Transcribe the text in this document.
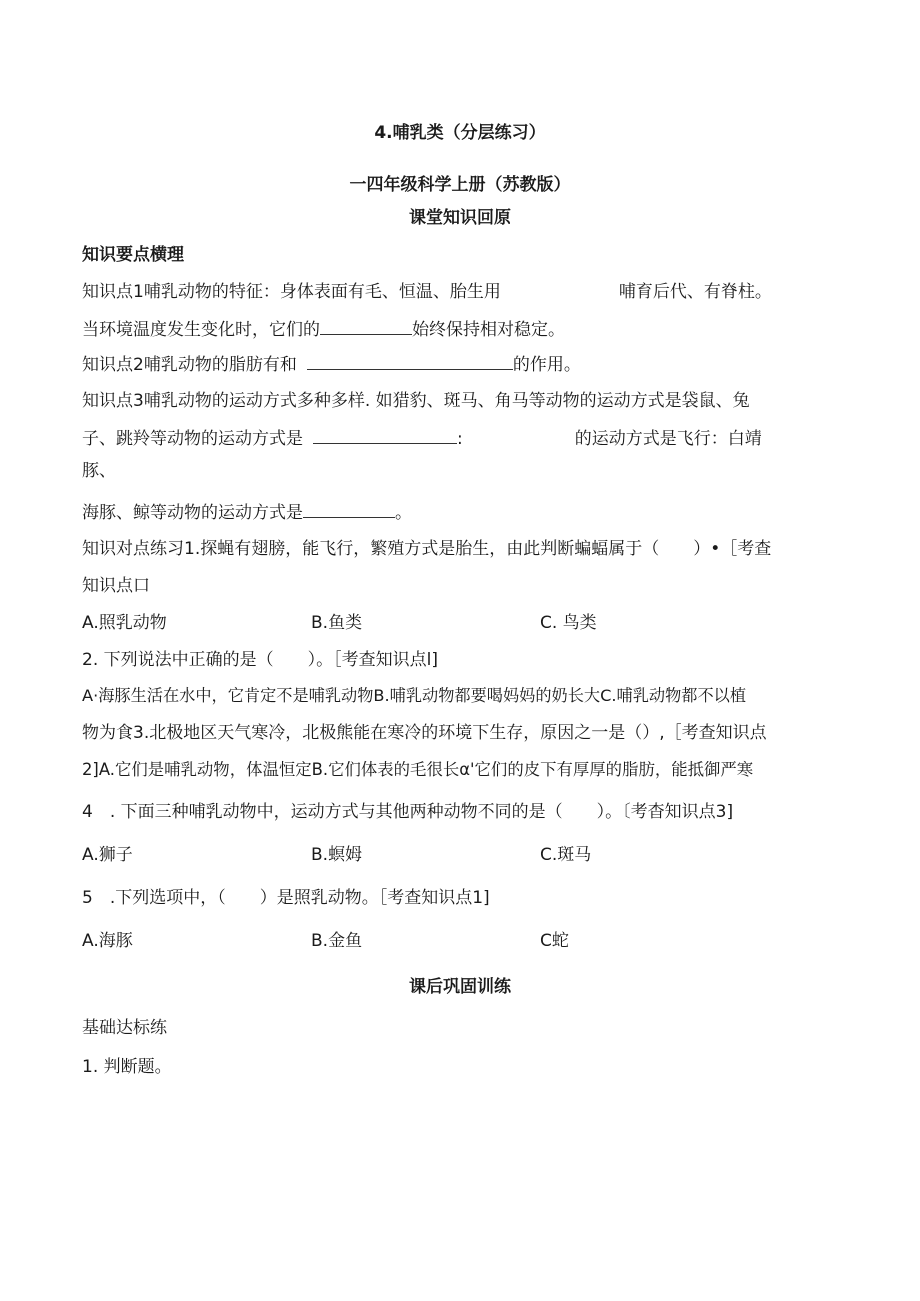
4.哺乳类（分层练习）
一四年级科学上册（苏教版）
课堂知识回原
知识要点横理
知识点1哺乳动物的特征：身体表面有毛、恒温、胎生用	哺育后代、有脊柱。
当环境温度发生变化时，它们的	始终保持相对稳定。
知识点2哺乳动物的脂肪有和	的作用。
知识点3哺乳动物的运动方式多种多样. 如猎豹、斑马、角马等动物的运动方式是袋鼠、兔
子、跳羚等动物的运动方式是	:	的运动方式是飞行：白靖
豚、
海豚、鲸等动物的运动方式是	。
知识对点练习1.探蝇有翅膀，能飞行，繁殖方式是胎生，由此判断蝙蝠属于（　　）•［考查
知识点口
A.照乳动物	B.鱼类	C. 鸟类
2. 下列说法中正确的是（　　）。［考查知识点l]
A·海豚生活在水中，它肯定不是哺乳动物B.哺乳动物都要喝妈妈的奶长大C.哺乳动物都不以植
物为食3.北极地区天气寒冷，北极熊能在寒冷的环境下生存，原因之一是（）,［考查知识点
2]A.它们是哺乳动物，体温恒定B.它们体表的毛很长α'它们的皮下有厚厚的脂肪，能抵御严寒
4　. 下面三种哺乳动物中，运动方式与其他两种动物不同的是（　　）。〔考杳知识点3]
A.狮子	B.螟姆	C.斑马
5　.下列选项中，（　　）是照乳动物。［考查知识点1]
A.海豚	B.金鱼	C蛇
课后巩固训练
基础达标练
1. 判断题。
